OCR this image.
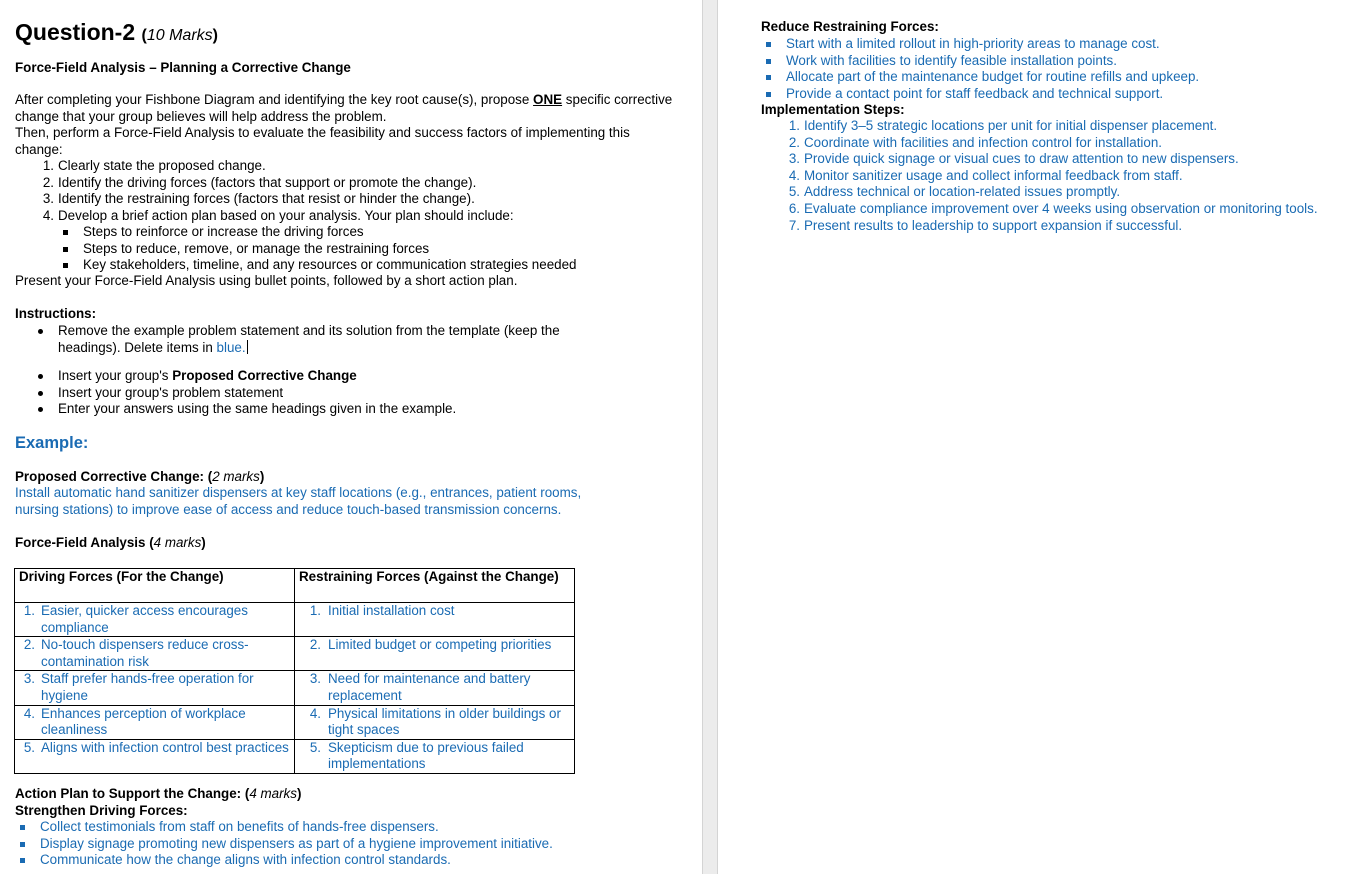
Question-2 (10 Marks)
Force-Field Analysis – Planning a Corrective Change
After completing your Fishbone Diagram and identifying the key root cause(s), propose ONE specific corrective change that your group believes will help address the problem.
Then, perform a Force-Field Analysis to evaluate the feasibility and success factors of implementing this change:
1. Clearly state the proposed change.
2. Identify the driving forces (factors that support or promote the change).
3. Identify the restraining forces (factors that resist or hinder the change).
4. Develop a brief action plan based on your analysis. Your plan should include:
Steps to reinforce or increase the driving forces
Steps to reduce, remove, or manage the restraining forces
Key stakeholders, timeline, and any resources or communication strategies needed
Present your Force-Field Analysis using bullet points, followed by a short action plan.
Instructions:
Remove the example problem statement and its solution from the template (keep the
headings). Delete items in blue.
Insert your group's Proposed Corrective Change
Insert your group's problem statement
Enter your answers using the same headings given in the example.
Example:
Proposed Corrective Change: (2 marks)
Install automatic hand sanitizer dispensers at key staff locations (e.g., entrances, patient rooms,
nursing stations) to improve ease of access and reduce touch-based transmission concerns.
Force-Field Analysis (4 marks)
Driving Forces (For the Change)	Restraining Forces (Against the Change)

1. Easier, quicker access encourages compliance	1. Initial installation cost

2. No-touch dispensers reduce cross-contamination risk	2. Limited budget or competing priorities

3. Staff prefer hands-free operation for hygiene	3. Need for maintenance and battery replacement

4. Enhances perception of workplace cleanliness	4. Physical limitations in older buildings or tight spaces

5. Aligns with infection control best practices	5. Skepticism due to previous failed implementations
Action Plan to Support the Change: (4 marks)
Strengthen Driving Forces:
Collect testimonials from staff on benefits of hands-free dispensers.
Display signage promoting new dispensers as part of a hygiene improvement initiative.
Communicate how the change aligns with infection control standards.
Reduce Restraining Forces:
Start with a limited rollout in high-priority areas to manage cost.
Work with facilities to identify feasible installation points.
Allocate part of the maintenance budget for routine refills and upkeep.
Provide a contact point for staff feedback and technical support.
Implementation Steps:
1. Identify 3–5 strategic locations per unit for initial dispenser placement.
2. Coordinate with facilities and infection control for installation.
3. Provide quick signage or visual cues to draw attention to new dispensers.
4. Monitor sanitizer usage and collect informal feedback from staff.
5. Address technical or location-related issues promptly.
6. Evaluate compliance improvement over 4 weeks using observation or monitoring tools.
7. Present results to leadership to support expansion if successful.
